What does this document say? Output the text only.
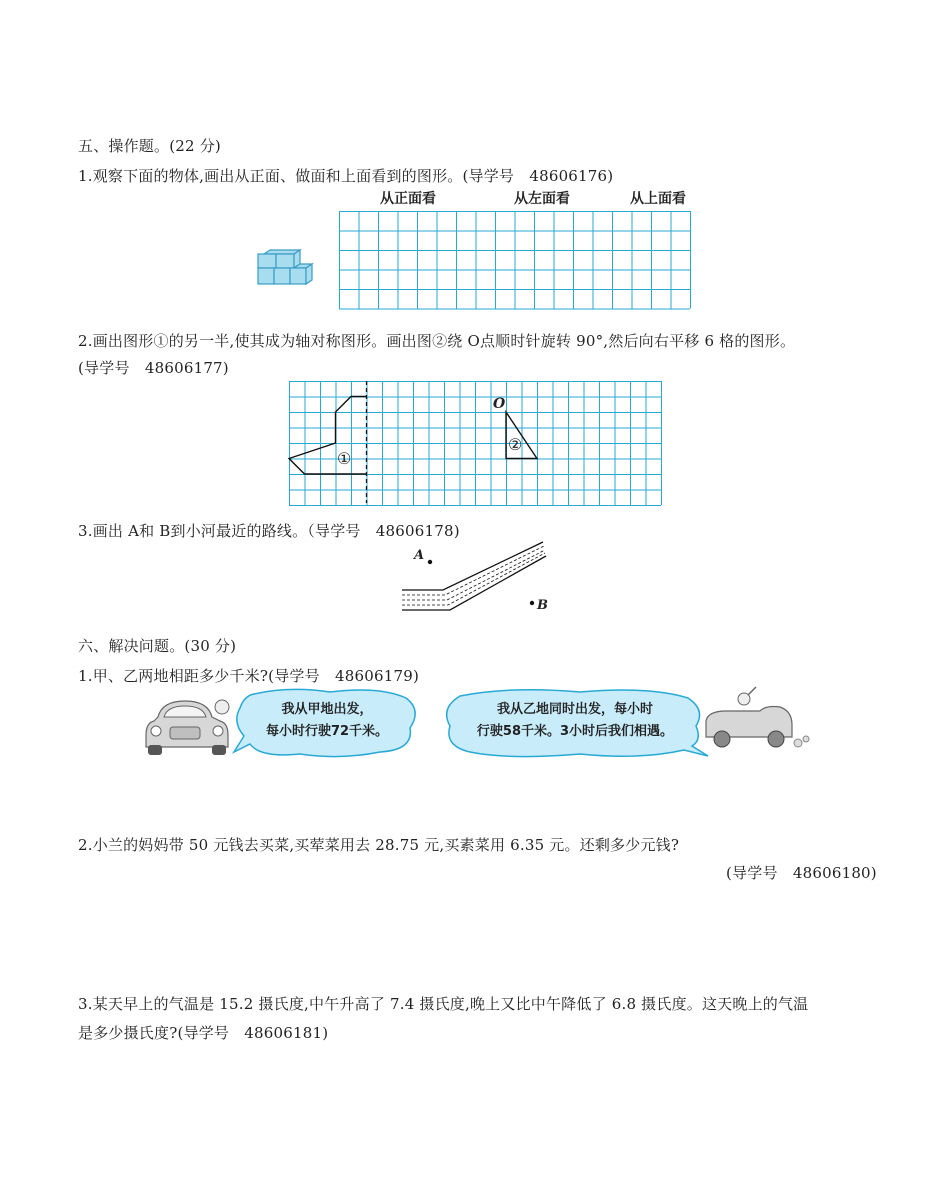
五、操作题。(22 分)
1.观察下面的物体,画出从正面、做面和上面看到的图形。(导学号　48606176)
从正面看	从左面看	从上面看
2.画出图形①的另一半,使其成为轴对称图形。画出图②绕 O点顺时针旋转 90°,然后向右平移 6 格的图形。
(导学号　48606177)
①
②
O
3.画出 A和 B到小河最近的路线。（导学号　48606178)
A
B
六、解决问题。(30 分)
1.甲、乙两地相距多少千米?(导学号　48606179)
我从甲地出发，
每小时行驶72千米。
我从乙地同时出发，每小时
行驶58千米。3小时后我们相遇。
2.小兰的妈妈带 50 元钱去买菜,买荤菜用去 28.75 元,买素菜用 6.35 元。还剩多少元钱?
(导学号　48606180)
3.某天早上的气温是 15.2 摄氏度,中午升高了 7.4 摄氏度,晚上又比中午降低了 6.8 摄氏度。这天晚上的气温
是多少摄氏度?(导学号　48606181)
